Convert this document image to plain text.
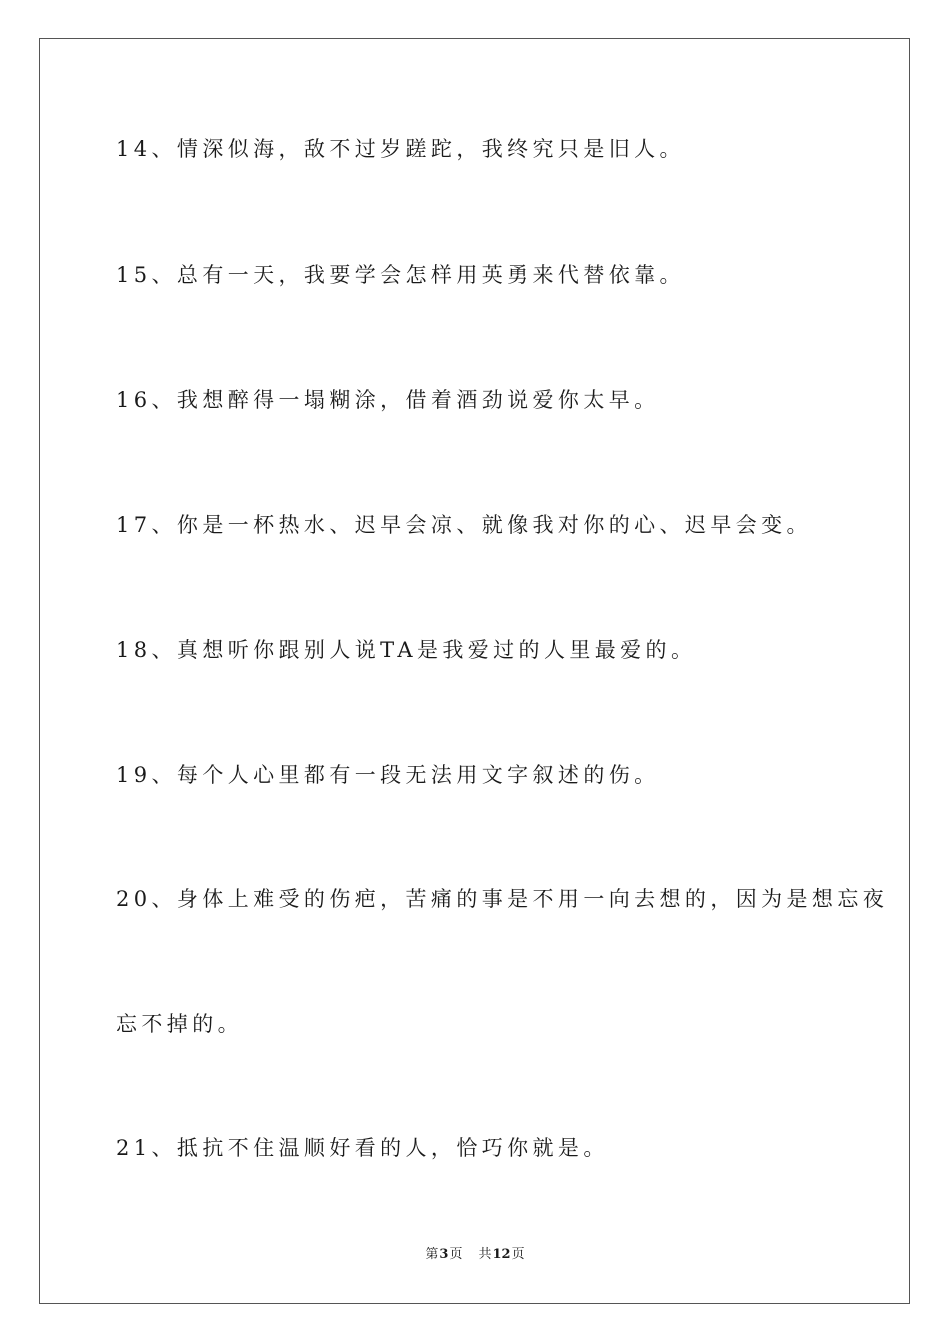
14、情深似海，敌不过岁蹉跎，我终究只是旧人。
15、总有一天，我要学会怎样用英勇来代替依靠。
16、我想醉得一塌糊涂，借着酒劲说爱你太早。
17、你是一杯热水、迟早会凉、就像我对你的心、迟早会变。
18、真想听你跟别人说TA是我爱过的人里最爱的。
19、每个人心里都有一段无法用文字叙述的伤。
20、身体上难受的伤疤，苦痛的事是不用一向去想的，因为是想忘夜
忘不掉的。
21、抵抗不住温顺好看的人，恰巧你就是。
第3页 共12页
